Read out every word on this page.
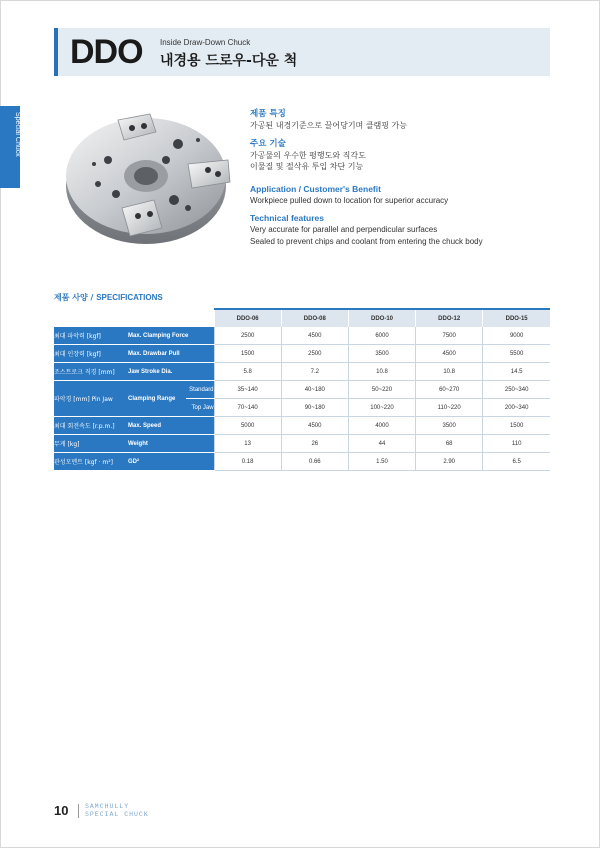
DDO Inside Draw-Down Chuck
내경용 드로우-다운 척
Special Chuck	제품 특징
가공된 내경기준으로 끌어당기며 클램핑 가능
주요 기술
가공물의 우수한 평행도와 직각도
이물질 및 절삭유 투입 차단 기능
Application / Customer's Benefit
Workpiece pulled down to location for superior accuracy
Technical features
Very accurate for parallel and perpendicular surfaces
Sealed to prevent chips and coolant from entering the chuck body
제품 사양 / SPECIFICATIONS
			DDO-06	DDO-08	DDO-10	DDO-12	DDO-15
최대 파악력 [kgf]	Max. Clamping Force		2500	4500	6000	7500	9000
최대 인장력 [kgf]	Max. Drawbar Pull		1500	2500	3500	4500	5500
조스트로크 직경 [mm]	Jaw Stroke Dia.		5.8	7.2	10.8	10.8	14.5
파악경 [mm] Pin Jaw	Clamping Range	Standard	35~140	40~180	50~220	60~270	250~340
		Top Jaw	70~140	90~180	100~220	110~220	200~340
최대 회전속도 [r.p.m.]	Max. Speed		5000	4500	4000	3500	1500
무게 [kg]	Weight		13	26	44	68	110
관성모멘트 [kgf · m²]	GD²		0.18	0.66	1.50	2.90	6.5
10	SAMCHULLY
SPECIAL CHUCK
